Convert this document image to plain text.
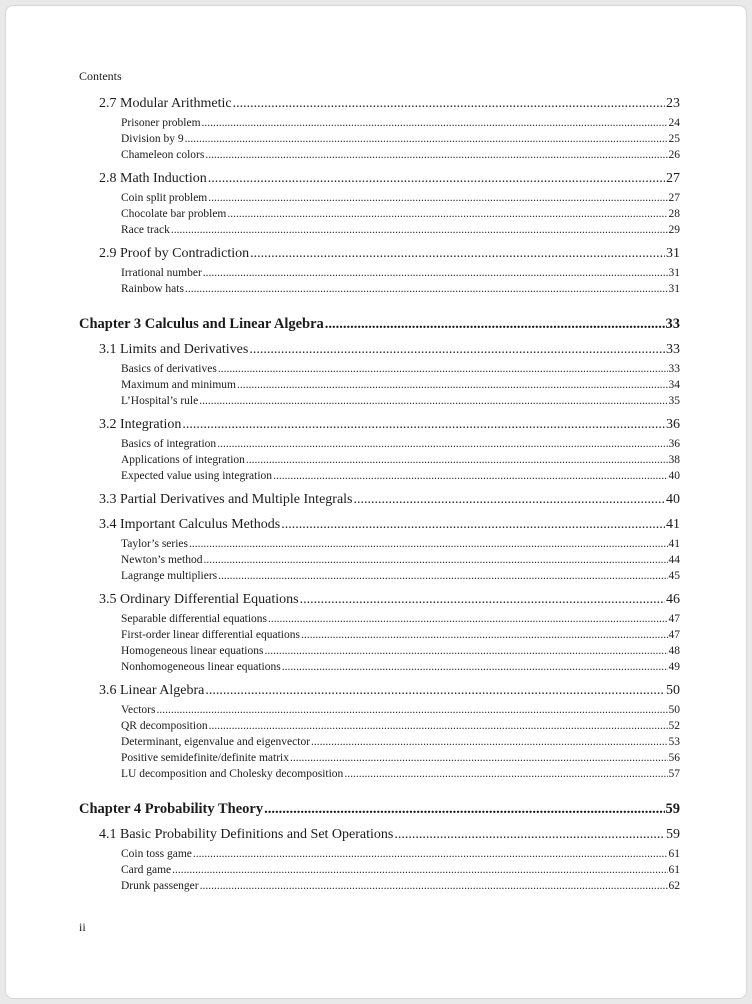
Contents
2.7 Modular Arithmetic .....	23
Prisoner problem .....	24
Division by 9 .....	25
Chameleon colors .....	26
2.8 Math Induction .....	27
Coin split problem .....	27
Chocolate bar problem .....	28
Race track .....	29
2.9 Proof by Contradiction .....	31
Irrational number .....	31
Rainbow hats .....	31
Chapter 3 Calculus and Linear Algebra .....	33
3.1 Limits and Derivatives .....	33
Basics of derivatives .....	33
Maximum and minimum .....	34
L’Hospital’s rule .....	35
3.2 Integration .....	36
Basics of integration .....	36
Applications of integration .....	38
Expected value using integration .....	40
3.3 Partial Derivatives and Multiple Integrals .....	40
3.4 Important Calculus Methods .....	41
Taylor’s series .....	41
Newton’s method .....	44
Lagrange multipliers .....	45
3.5 Ordinary Differential Equations .....	46
Separable differential equations .....	47
First-order linear differential equations .....	47
Homogeneous linear equations .....	48
Nonhomogeneous linear equations .....	49
3.6 Linear Algebra .....	50
Vectors .....	50
QR decomposition .....	52
Determinant, eigenvalue and eigenvector .....	53
Positive semidefinite/definite matrix .....	56
LU decomposition and Cholesky decomposition .....	57
Chapter 4 Probability Theory .....	59
4.1 Basic Probability Definitions and Set Operations .....	59
Coin toss game .....	61
Card game .....	61
Drunk passenger .....	62
ii
